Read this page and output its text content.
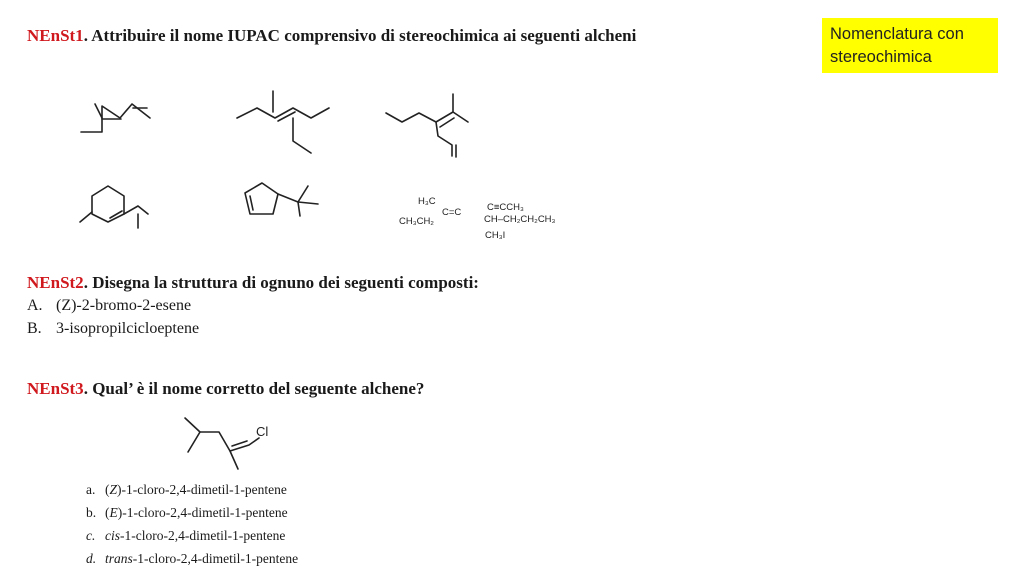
NEnSt1. Attribuire il nome IUPAC comprensivo di stereochimica ai seguenti alcheni	Nomenclatura con
stereochimica
H₃C
C≡CCH₃
CH₃CH₂
C=C
CH–CH₂CH₂CH₃
CH₃I
NEnSt2. Disegna la struttura di ognuno dei seguenti composti:
A. (Z)-2-bromo-2-esene
B. 3-isopropilcicloeptene
NEnSt3. Qual’ è il nome corretto del seguente alchene?
Cl
a. (Z)-1-cloro-2,4-dimetil-1-pentene
b. (E)-1-cloro-2,4-dimetil-1-pentene
c. cis-1-cloro-2,4-dimetil-1-pentene
d. trans-1-cloro-2,4-dimetil-1-pentene
